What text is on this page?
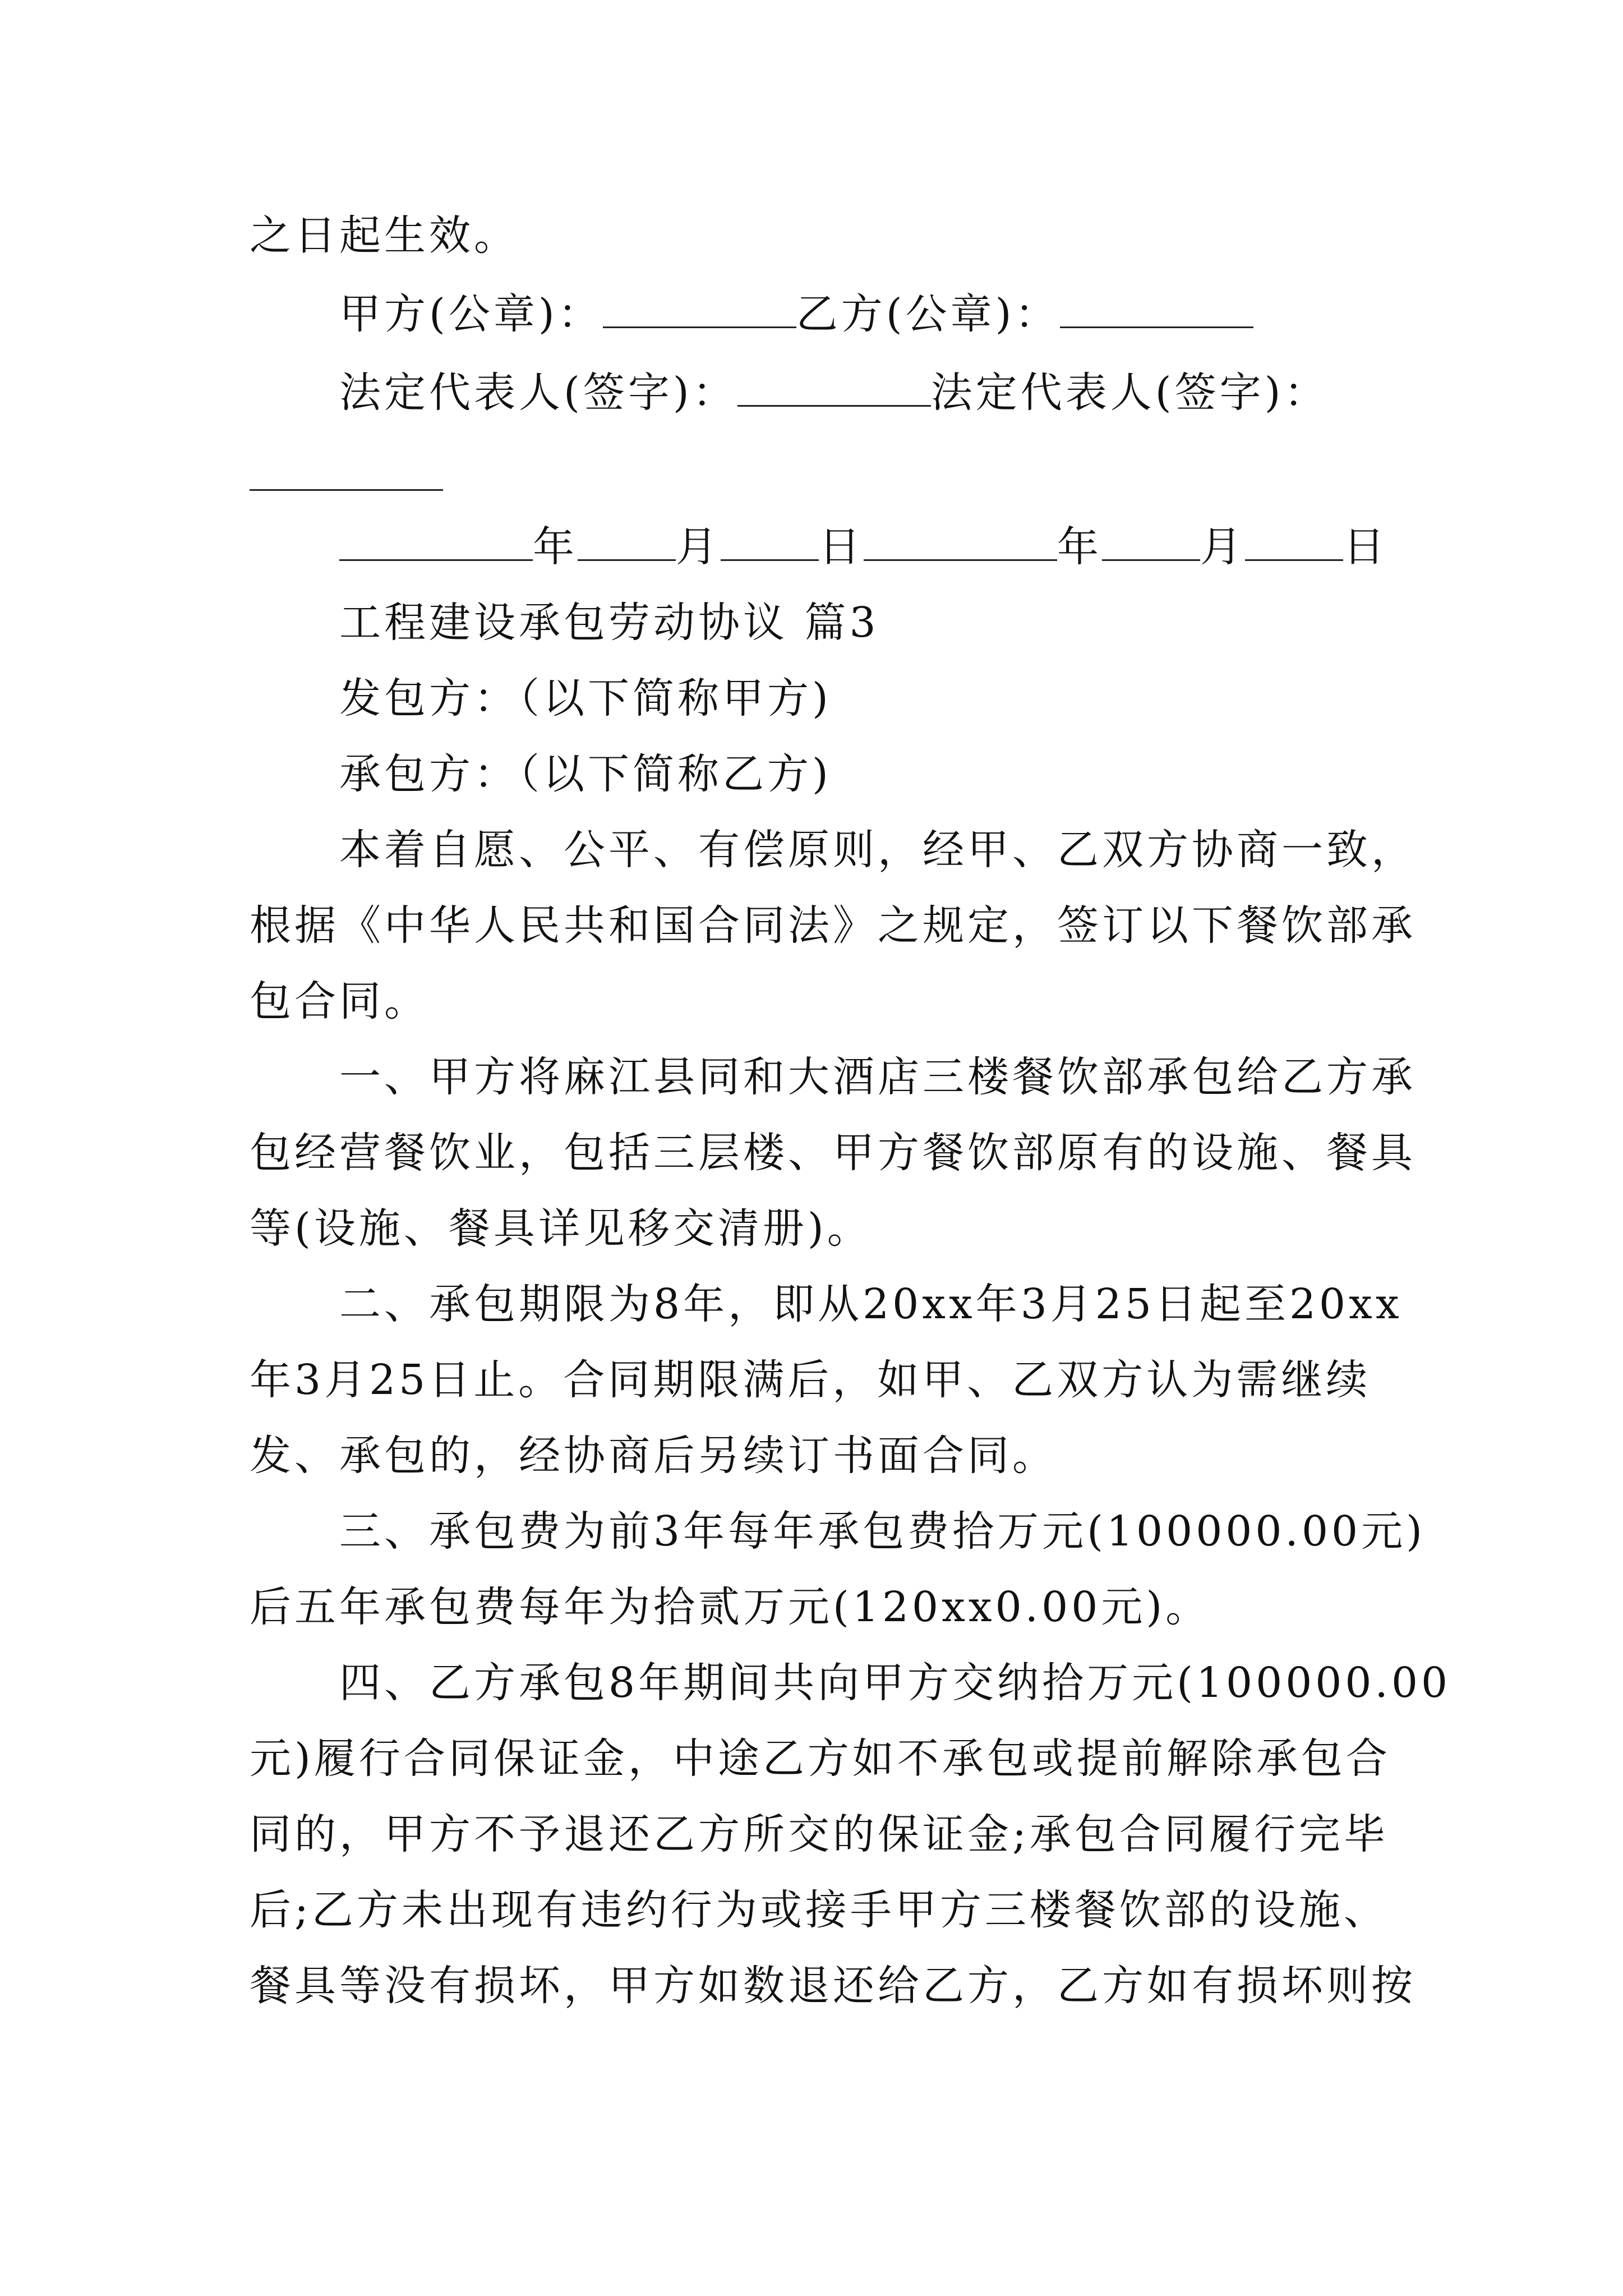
之日起生效。
甲方(公章)：	乙方(公章)：
法定代表人(签字)：	法定代表人(签字)：
年 月 日	年 月 日
工程建设承包劳动协议 篇3
发包方：（以下简称甲方)
承包方：（以下简称乙方)
本着自愿、公平、有偿原则，经甲、乙双方协商一致，
根据《中华人民共和国合同法》之规定，签订以下餐饮部承
包合同。
一、甲方将麻江县同和大酒店三楼餐饮部承包给乙方承
包经营餐饮业，包括三层楼、甲方餐饮部原有的设施、餐具
等(设施、餐具详见移交清册)。
二、承包期限为8年，即从20xx年3月25日起至20xx
年3月25日止。合同期限满后，如甲、乙双方认为需继续
发、承包的，经协商后另续订书面合同。
三、承包费为前3年每年承包费拾万元(100000.00元)
后五年承包费每年为拾贰万元(120xx0.00元)。
四、乙方承包8年期间共向甲方交纳拾万元(100000.00
元)履行合同保证金，中途乙方如不承包或提前解除承包合
同的，甲方不予退还乙方所交的保证金;承包合同履行完毕
后;乙方未出现有违约行为或接手甲方三楼餐饮部的设施、
餐具等没有损坏，甲方如数退还给乙方，乙方如有损坏则按
